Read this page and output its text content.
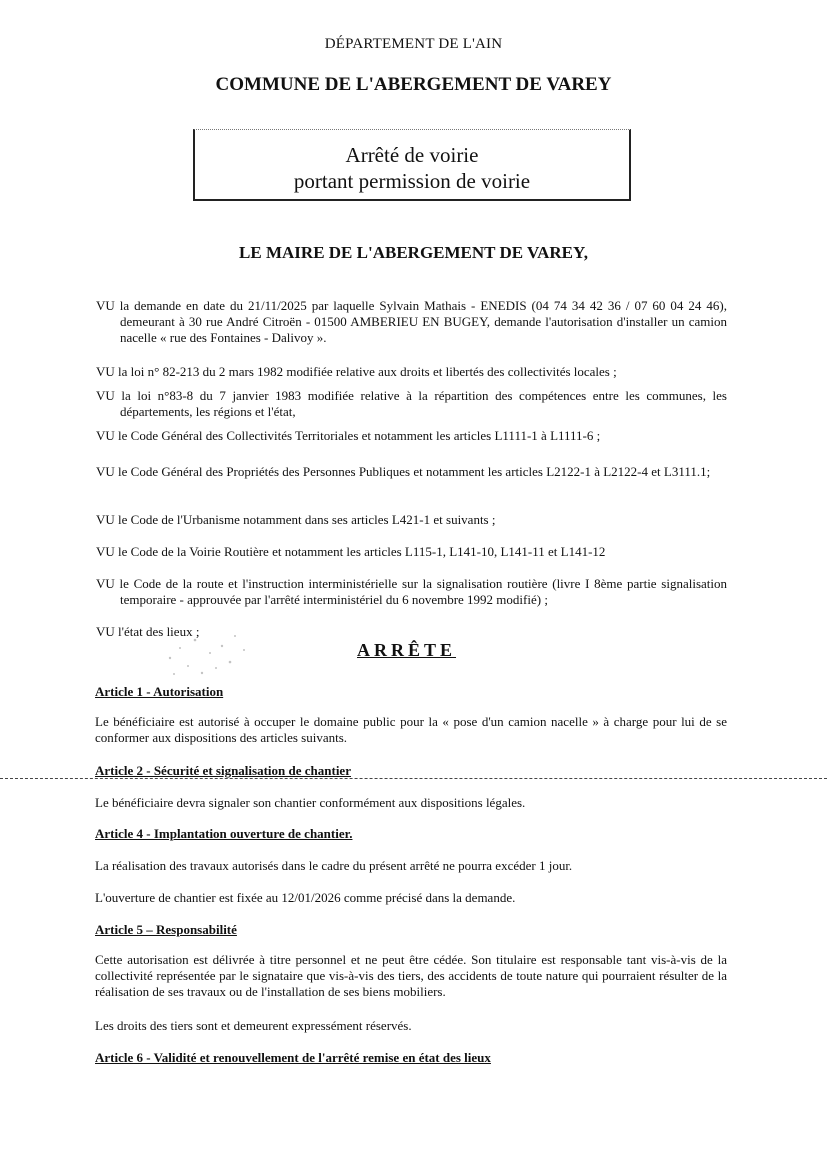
DÉPARTEMENT DE L'AIN
COMMUNE DE L'ABERGEMENT DE VAREY
Arrêté de voirie
portant permission de voirie
LE MAIRE DE L'ABERGEMENT DE VAREY,

VU la demande en date du 21/11/2025 par laquelle Sylvain Mathais - ENEDIS (04 74 34 42 36 / 07 60 04 24 46), demeurant à 30 rue André Citroën - 01500 AMBERIEU EN BUGEY, demande l'autorisation d'installer un camion nacelle « rue des Fontaines - Dalivoy ».

VU la loi n° 82-213 du 2 mars 1982 modifiée relative aux droits et libertés des collectivités locales ;

VU la loi n°83-8 du 7 janvier 1983 modifiée relative à la répartition des compétences entre les communes, les départements, les régions et l'état,

VU le Code Général des Collectivités Territoriales et notamment les articles L1111-1 à L1111-6 ;

VU le Code Général des Propriétés des Personnes Publiques et notamment les articles L2122-1 à L2122-4 et L3111.1;

VU le Code de l'Urbanisme notamment dans ses articles L421-1 et suivants ;

VU le Code de la Voirie Routière et notamment les articles L115-1, L141-10, L141-11 et L141-12

VU le Code de la route et l'instruction interministérielle sur la signalisation routière (livre I 8ème partie signalisation temporaire - approuvée par l'arrêté interministériel du 6 novembre 1992 modifié) ;

VU l'état des lieux ;

ARRÊTE
Article 1 - Autorisation
Le bénéficiaire est autorisé à occuper le domaine public pour la « pose d'un camion nacelle » à charge pour lui de se conformer aux dispositions des articles suivants.
Article 2 - Sécurité et signalisation de chantier
Le bénéficiaire devra signaler son chantier conformément aux dispositions légales.
Article 4 - Implantation ouverture de chantier.
La réalisation des travaux autorisés dans le cadre du présent arrêté ne pourra excéder 1 jour.
L'ouverture de chantier est fixée au 12/01/2026 comme précisé dans la demande.
Article 5 – Responsabilité
Cette autorisation est délivrée à titre personnel et ne peut être cédée. Son titulaire est responsable tant vis-à-vis de la collectivité représentée par le signataire que vis-à-vis des tiers, des accidents de toute nature qui pourraient résulter de la réalisation de ses travaux ou de l'installation de ses biens mobiliers.
Les droits des tiers sont et demeurent expressément réservés.
Article 6 - Validité et renouvellement de l'arrêté remise en état des lieux
